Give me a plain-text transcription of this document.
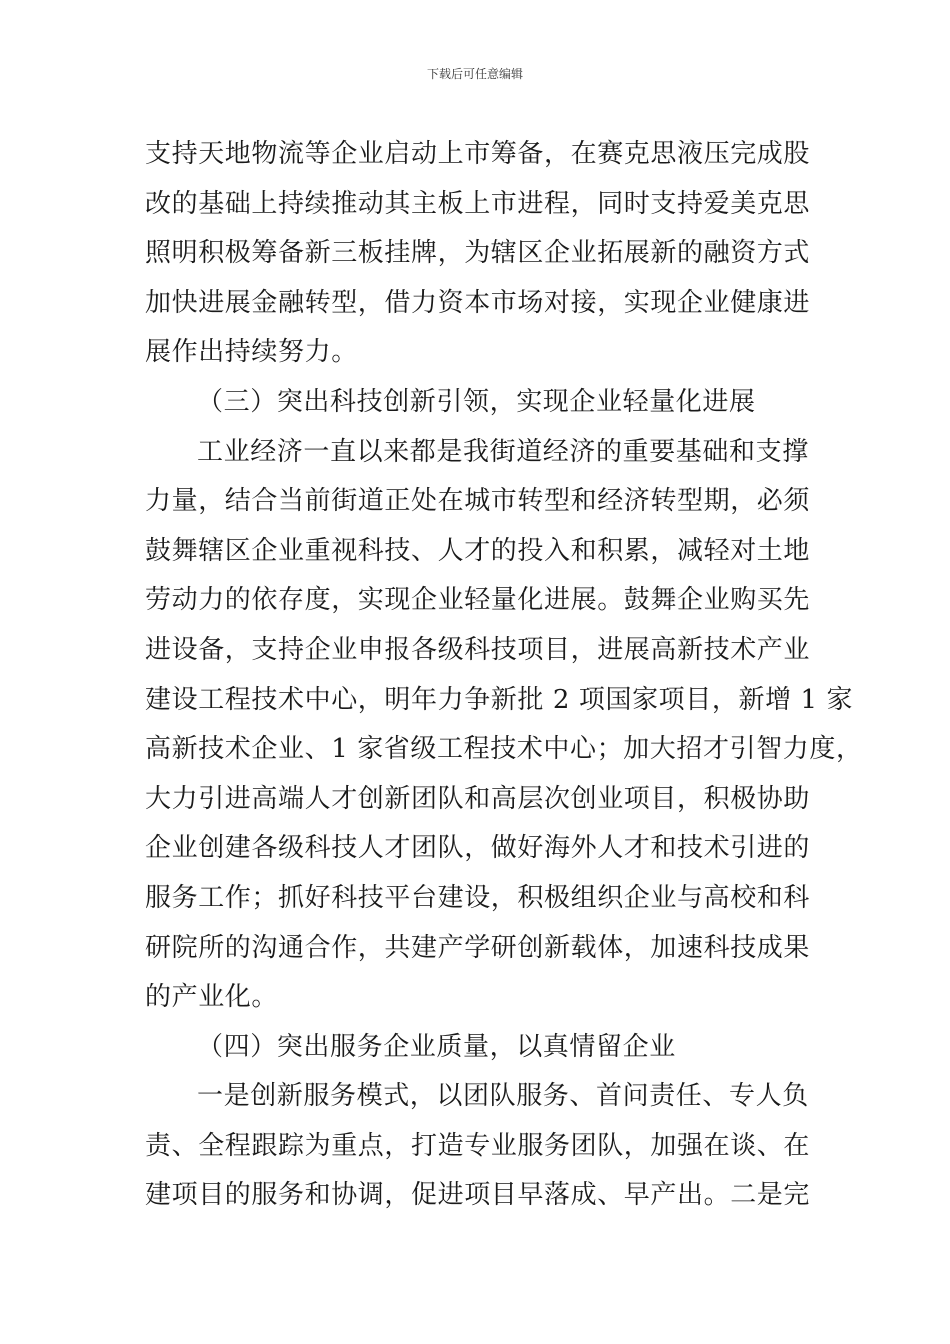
下载后可任意编辑
支持天地物流等企业启动上市筹备，在赛克思液压完成股
改的基础上持续推动其主板上市进程，同时支持爱美克思
照明积极筹备新三板挂牌，为辖区企业拓展新的融资方式
加快进展金融转型，借力资本市场对接，实现企业健康进
展作出持续努力。
（三）突出科技创新引领，实现企业轻量化进展
工业经济一直以来都是我街道经济的重要基础和支撑
力量，结合当前街道正处在城市转型和经济转型期，必须
鼓舞辖区企业重视科技、人才的投入和积累，减轻对土地
劳动力的依存度，实现企业轻量化进展。鼓舞企业购买先
进设备，支持企业申报各级科技项目，进展高新技术产业
建设工程技术中心，明年力争新批 2 项国家项目，新增 1 家
高新技术企业、1 家省级工程技术中心；加大招才引智力度，
大力引进高端人才创新团队和高层次创业项目，积极协助
企业创建各级科技人才团队，做好海外人才和技术引进的
服务工作；抓好科技平台建设，积极组织企业与高校和科
研院所的沟通合作，共建产学研创新载体，加速科技成果
的产业化。
（四）突出服务企业质量，以真情留企业
一是创新服务模式，以团队服务、首问责任、专人负
责、全程跟踪为重点，打造专业服务团队，加强在谈、在
建项目的服务和协调，促进项目早落成、早产出。二是完
